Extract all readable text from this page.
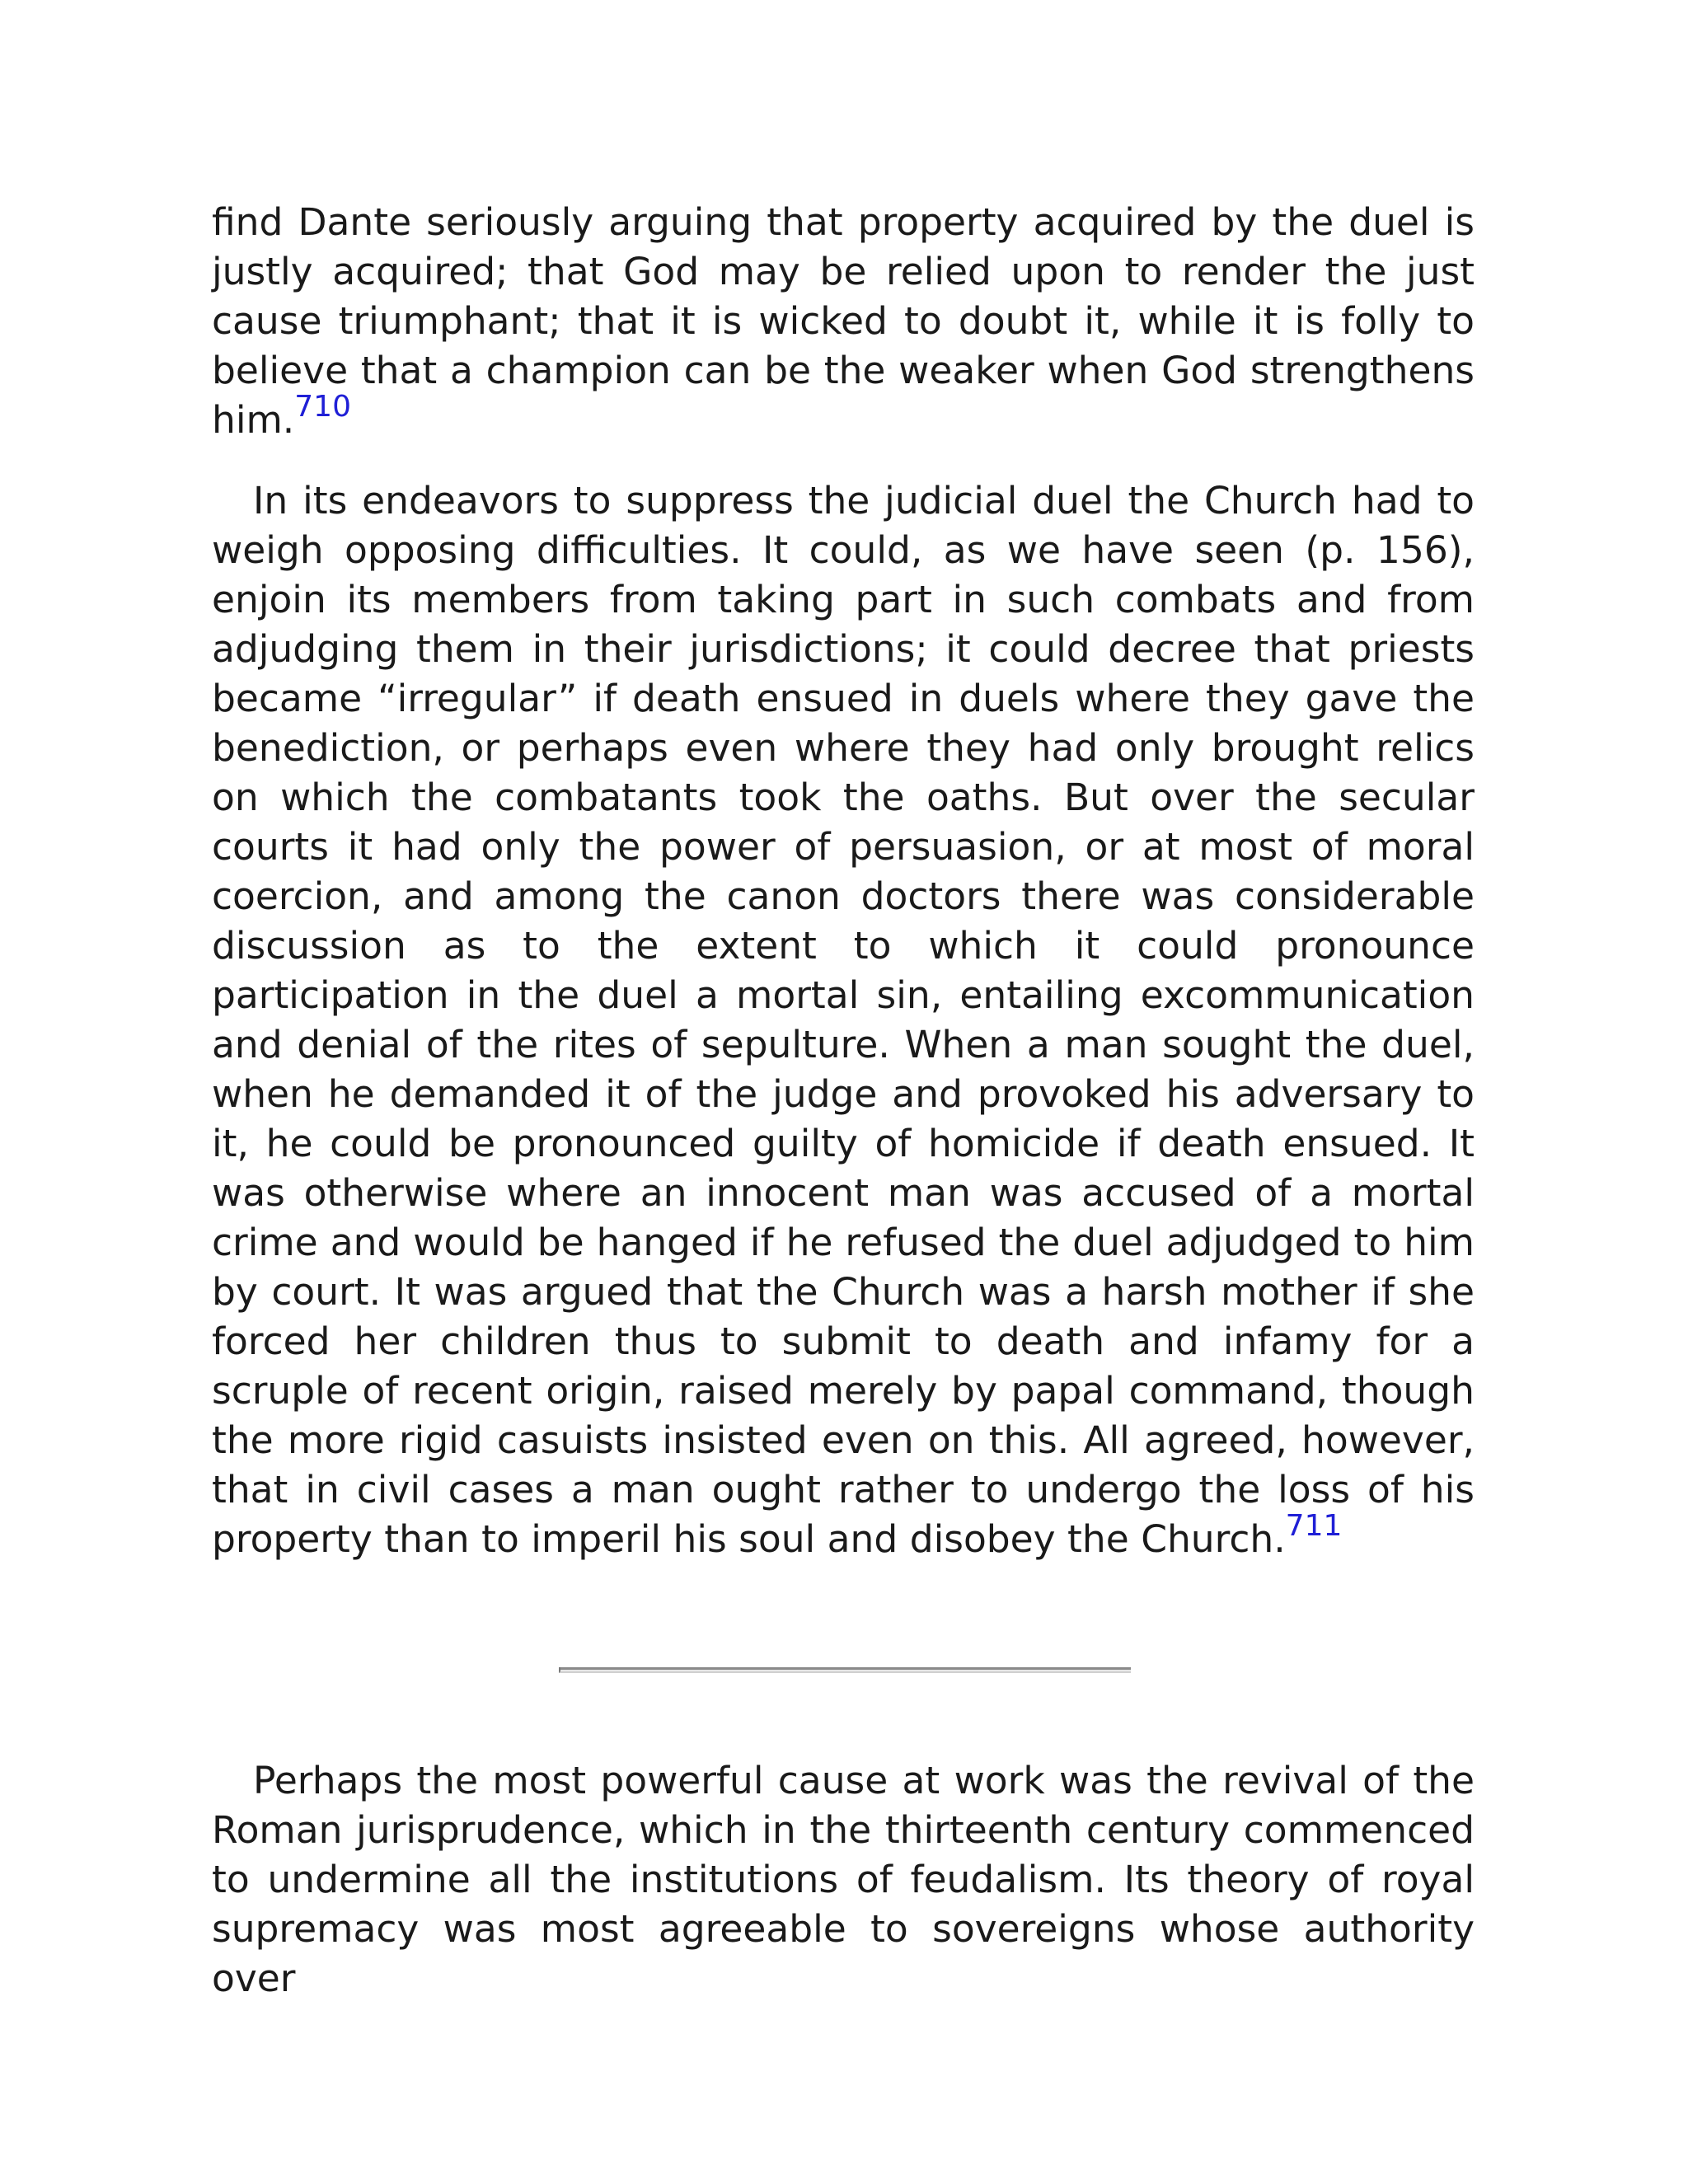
find Dante seriously arguing that property acquired by the duel is justly acquired; that God may be relied upon to render the just cause triumphant; that it is wicked to doubt it, while it is folly to believe that a champion can be the weaker when God strengthens him.$^{710}$

In its endeavors to suppress the judicial duel the Church had to weigh opposing difficulties. It could, as we have seen (p. 156), enjoin its members from taking part in such combats and from adjudging them in their jurisdictions; it could decree that priests became “irregular” if death ensued in duels where they gave the benediction, or perhaps even where they had only brought relics on which the combatants took the oaths. But over the secular courts it had only the power of persuasion, or at most of moral coercion, and among the canon doctors there was considerable discussion as to the extent to which it could pronounce participation in the duel a mortal sin, entailing excommunication and denial of the rites of sepulture. When a man sought the duel, when he demanded it of the judge and provoked his adversary to it, he could be pronounced guilty of homicide if death ensued. It was otherwise where an innocent man was accused of a mortal crime and would be hanged if he refused the duel adjudged to him by court. It was argued that the Church was a harsh mother if she forced her children thus to submit to death and infamy for a scruple of recent origin, raised merely by papal command, though the more rigid casuists insisted even on this. All agreed, however, that in civil cases a man ought rather to undergo the loss of his property than to imperil his soul and disobey the Church.$^{711}$

Perhaps the most powerful cause at work was the revival of the Roman jurisprudence, which in the thirteenth century commenced to undermine all the institutions of feudalism. Its theory of royal supremacy was most agreeable to sovereigns whose authority over
